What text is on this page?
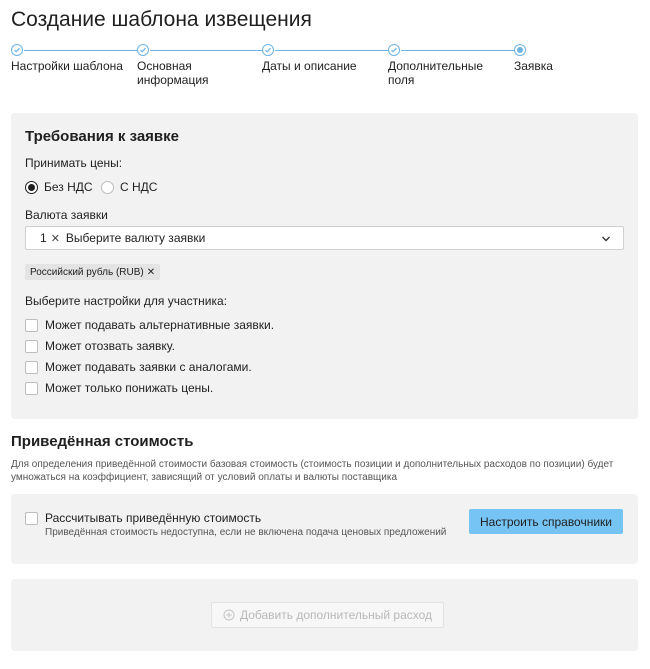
Создание шаблона извещения
Настройки шаблона	Основная
информация
Даты и описание	Дополнительные
поля
Заявка
Требования к заявке
Принимать цены:
Без НДС С НДС
Валюта заявки
1 ✕ Выберите валюту заявки
Российский рубль (RUB) ✕
Выберите настройки для участника:
Может подавать альтернативные заявки.
Может отозвать заявку.
Может подавать заявки с аналогами.
Может только понижать цены.
Приведённая стоимость
Для определения приведённой стоимости базовая стоимость (стоимость позиции и дополнительных расходов по позиции) будет умножаться на коэффициент, зависящий от условий оплаты и валюты поставщика
Рассчитывать приведённую стоимость
Приведённая стоимость недоступна, если не включена подача ценовых предложений
Настроить справочники
Добавить дополнительный расход
